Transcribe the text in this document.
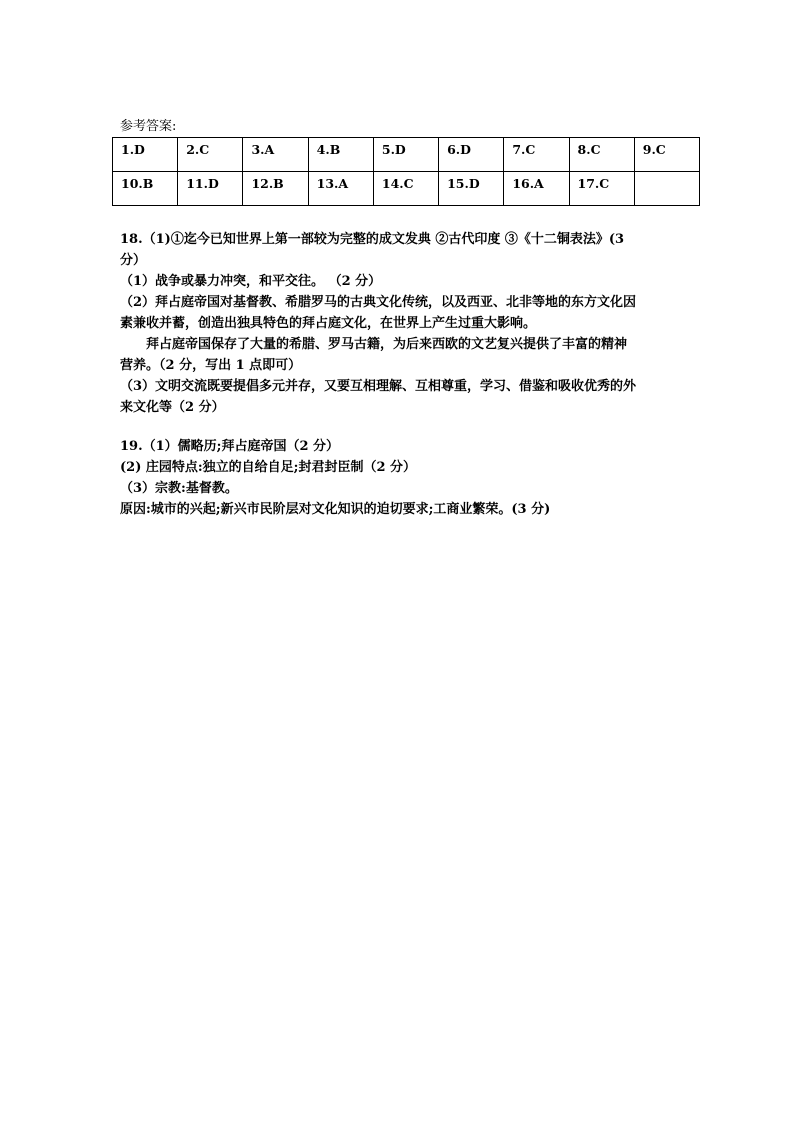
参考答案:
1.D	2.C	3.A	4.B	5.D	6.D	7.C	8.C	9.C
10.B	11.D	12.B	13.A	14.C	15.D	16.A	17.C	
18.（1)①迄今已知世界上第一部较为完整的成文发典 ②古代印度 ③《十二铜表法》(3
分）
（1）战争或暴力冲突，和平交往。 （2 分）
（2）拜占庭帝国对基督教、希腊罗马的古典文化传统，以及西亚、北非等地的东方文化因
素兼收并蓄，创造出独具特色的拜占庭文化，在世界上产生过重大影响。
拜占庭帝国保存了大量的希腊、罗马古籍，为后来西欧的文艺复兴提供了丰富的精神
营养。（2 分，写出 1 点即可）
（3）文明交流既要提倡多元并存，又要互相理解、互相尊重，学习、借鉴和吸收优秀的外
来文化等（2 分）
19.（1）儒略历;拜占庭帝国（2 分）
(2) 庄园特点:独立的自给自足;封君封臣制（2 分）
（3）宗教:基督教。
原因:城市的兴起;新兴市民阶层对文化知识的迫切要求;工商业繁荣。(3 分)
